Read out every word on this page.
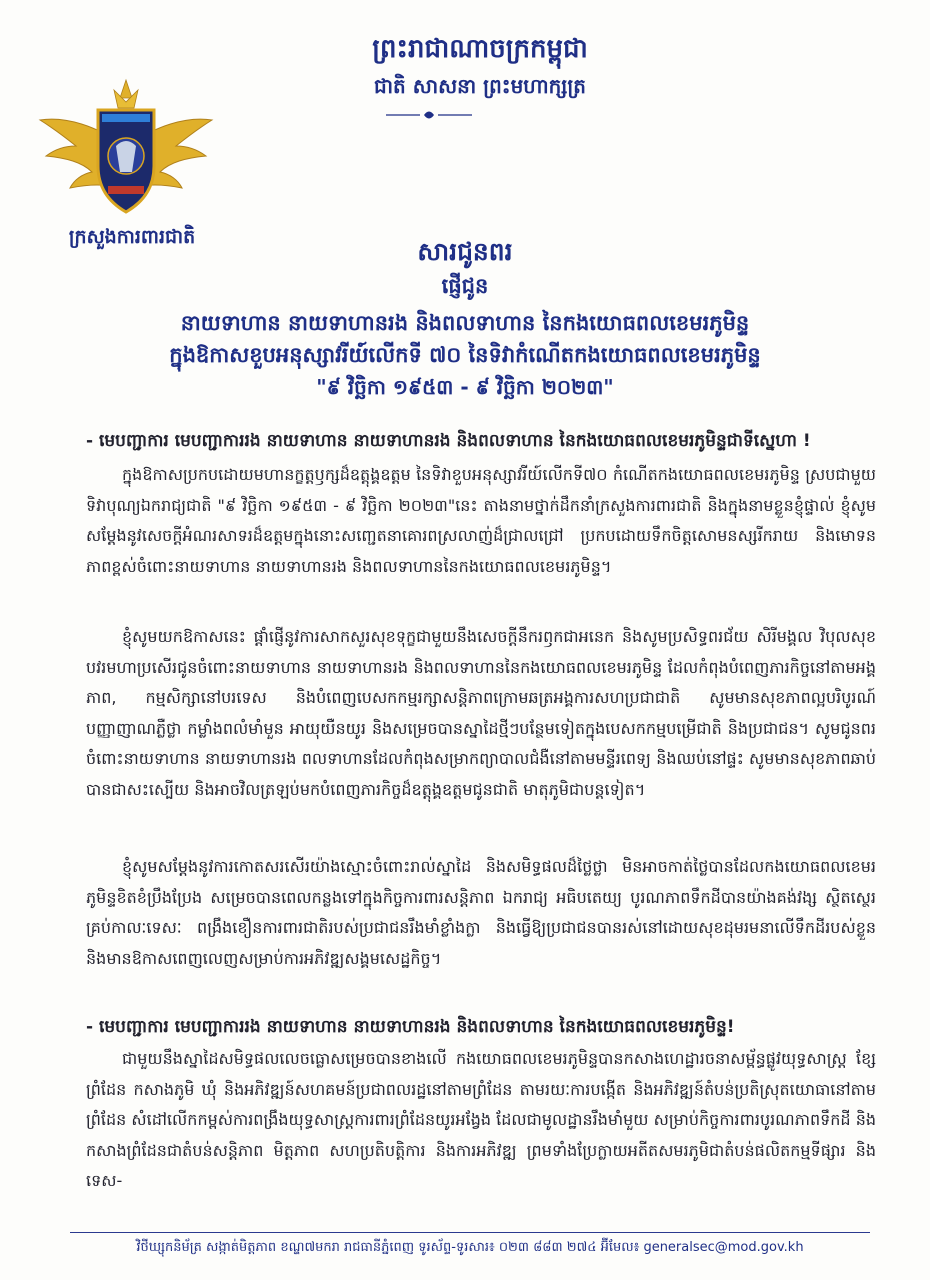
ព្រះរាជាណាចក្រកម្ពុជា
ជាតិ សាសនា ព្រះមហាក្សត្រ
ក្រសួងការពារជាតិ	សារជូនពរ
ផ្ញើជូន
នាយទាហាន នាយទាហានរង និងពលទាហាន នៃកងយោធពលខេមរភូមិន្ទ
ក្នុងឱកាសខួបអនុស្សាវរីយ៍លើកទី ៧០ នៃទិវាកំណើតកងយោធពលខេមរភូមិន្ទ
"៩ វិច្ឆិកា ១៩៥៣ - ៩ វិច្ឆិកា ២០២៣"
- មេបញ្ជាការ មេបញ្ជាការរង នាយទាហាន នាយទាហានរង និងពលទាហាន នៃកងយោធពលខេមរភូមិន្ទជាទីស្នេហា !
ក្នុងឱកាសប្រកបដោយមហានក្ខត្តឫក្សដ៏ឧត្តុង្គឧត្តម នៃទិវាខួបអនុស្សាវរីយ៍លើកទី៧០ កំណើតកងយោធពលខេមរភូមិន្ទ ស្របជាមួយទិវាបុណ្យឯករាជ្យជាតិ "៩ វិច្ឆិកា ១៩៥៣ - ៩ វិច្ឆិកា ២០២៣"នេះ តាងនាមថ្នាក់ដឹកនាំក្រសួងការពារជាតិ និងក្នុងនាមខ្លួនខ្ញុំផ្ទាល់ ខ្ញុំសូមសម្តែងនូវសេចក្តីអំណរសាទរដ៏ឧត្តមក្នុងនោះសញ្ជេតនាគោរពស្រលាញ់ដ៏ជ្រាលជ្រៅ ប្រកបដោយទឹកចិត្តសោមនស្សរីករាយ និងមោទនភាពខ្ពស់ចំពោះនាយទាហាន នាយទាហានរង និងពលទាហាននៃកងយោធពលខេមរភូមិន្ទ។
ខ្ញុំសូមយកឱកាសនេះ ផ្តាំផ្ញើនូវការសាកសួរសុខទុក្ខជាមួយនឹងសេចក្តីនឹករឭកជាអនេក និងសូមប្រសិទ្ធពរជ័យ សិរីមង្គល វិបុលសុខ បវរមហាប្រសើរជូនចំពោះនាយទាហាន នាយទាហានរង និងពលទាហាននៃកងយោធពលខេមរភូមិន្ទ ដែលកំពុងបំពេញភារកិច្ចនៅតាមអង្គភាព, កម្មសិក្សានៅបរទេស និងបំពេញបេសកកម្មរក្សាសន្តិភាពក្រោមឆត្រអង្គការសហប្រជាជាតិ សូមមានសុខភាពល្អបរិបូរណ៍ បញ្ញាញាណភ្លឺថ្លា កម្លាំងពលំមាំមួន អាយុយឺនយូរ និងសម្រេចបានស្នាដៃថ្មីៗបន្ថែមទៀតក្នុងបេសកកម្មបម្រើជាតិ និងប្រជាជន។ សូមជូនពរចំពោះនាយទាហាន នាយទាហានរង ពលទាហានដែលកំពុងសម្រាកព្យាបាលជំងឺនៅតាមមន្ទីរពេទ្យ និងឈប់នៅផ្ទះ សូមមានសុខភាពឆាប់បានជាសះស្បើយ និងអាចវិលត្រឡប់មកបំពេញភារកិច្ចដ៏ឧត្តុង្គឧត្តមជូនជាតិ មាតុភូមិជាបន្តទៀត។
ខ្ញុំសូមសម្តែងនូវការកោតសរសើរយ៉ាងស្មោះចំពោះរាល់ស្នាដៃ និងសមិទ្ធផលដ៏ថ្លៃថ្លា មិនអាចកាត់ថ្លៃបានដែលកងយោធពលខេមរភូមិន្ទខិតខំប្រឹងប្រែង សម្រេចបានពេលកន្លងទៅក្នុងកិច្ចការពារសន្តិភាព ឯករាជ្យ អធិបតេយ្យ បូរណភាពទឹកដីបានយ៉ាងគង់វង្ស ស្ថិតស្ថេរគ្រប់កាលៈទេសៈ ពង្រឹងខឿនការពារជាតិរបស់ប្រជាជនរឹងមាំខ្លាំងក្លា និងធ្វើឱ្យប្រជាជនបានរស់នៅដោយសុខដុមរមនាលើទឹកដីរបស់ខ្លួន និងមានឱកាសពេញលេញសម្រាប់ការអភិវឌ្ឍសង្គមសេដ្ឋកិច្ច។
- មេបញ្ជាការ មេបញ្ជាការរង នាយទាហាន នាយទាហានរង និងពលទាហាន នៃកងយោធពលខេមរភូមិន្ទ!
ជាមួយនឹងស្នាដៃសមិទ្ធផលលេចធ្លោសម្រេចបានខាងលើ កងយោធពលខេមរភូមិន្ទបានកសាងហេដ្ឋារចនាសម្ព័ន្ធផ្លូវយុទ្ធសាស្ត្រ ខ្សែព្រំដែន កសាងភូមិ ឃុំ និងអភិវឌ្ឍន៍សហគមន៍ប្រជាពលរដ្ឋនៅតាមព្រំដែន តាមរយៈការបង្កើត និងអភិវឌ្ឍន៍តំបន់ប្រតិស្រុតយោធានៅតាមព្រំដែន សំដៅលើកកម្ពស់ការពង្រឹងយុទ្ធសាស្ត្រការពារព្រំដែនយូរអង្វែង ដែលជាមូលដ្ឋានរឹងមាំមួយ សម្រាប់កិច្ចការពារបូរណភាពទឹកដី និងកសាងព្រំដែនជាតំបន់សន្តិភាព មិត្តភាព សហប្រតិបត្តិការ និងការអភិវឌ្ឍ ព្រមទាំងប្រែក្លាយអតីតសមរភូមិជាតំបន់ផលិតកម្មទីផ្សារ និងទេស-
វិថីឃ្សុកនិម័ត្រ សង្កាត់មិត្តភាព ខណ្ឌ៧មករា រាជធានីភ្នំពេញ ទូរស័ព្ទ-ទូរសារ៖ ០២៣ ៨៨៣ ២៧៤ អ៊ីមែល៖ generalsec@mod.gov.kh
